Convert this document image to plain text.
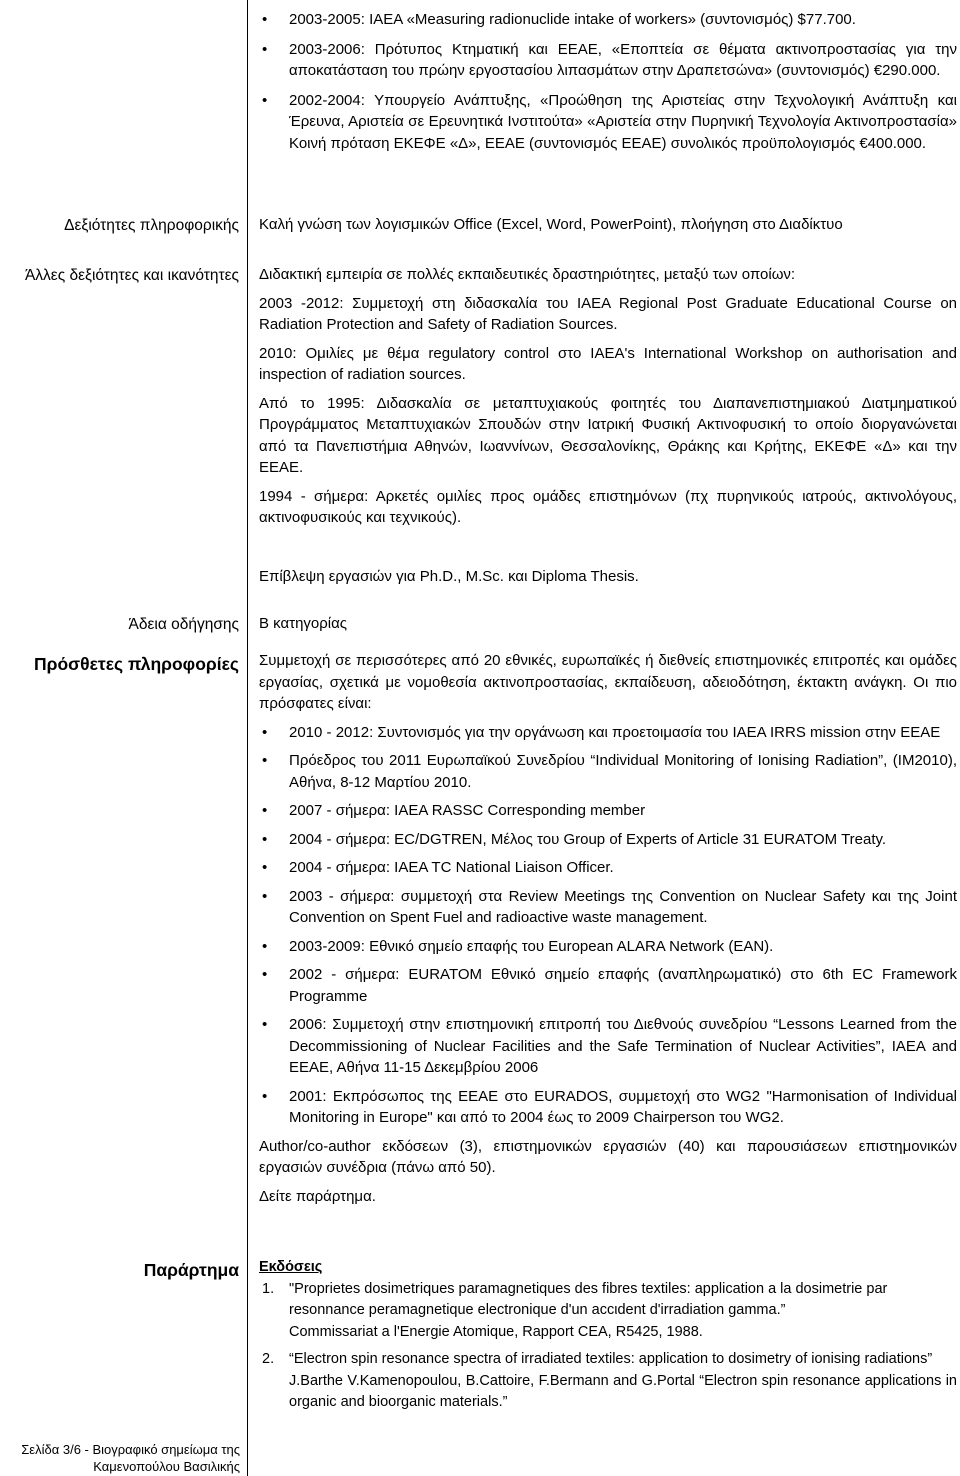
• 2003-2005: IAEA «Measuring radionuclide intake of workers» (συντονισμός) $77.700.
• 2003-2006: Πρότυπος Κτηματική και ΕΕΑΕ, «Εποπτεία σε θέματα ακτινοπροστασίας για την αποκατάσταση του πρώην εργοστασίου λιπασμάτων στην Δραπετσώνα» (συντονισμός) €290.000.
• 2002-2004: Υπουργείο Ανάπτυξης, «Προώθηση της Αριστείας στην Τεχνολογική Ανάπτυξη και Έρευνα, Αριστεία σε Ερευνητικά Ινστιτούτα» «Αριστεία στην Πυρηνική Τεχνολογία Ακτινοπροστασία» Κοινή πρόταση ΕΚΕΦΕ «Δ», ΕΕΑΕ (συντονισμός ΕΕΑΕ) συνολικός προϋπολογισμός €400.000.
Δεξιότητες πληροφορικής Καλή γνώση των λογισμικών Office (Excel, Word, PowerPoint), πλοήγηση στο Διαδίκτυο
Άλλες δεξιότητες και ικανότητες Διδακτική εμπειρία σε πολλές εκπαιδευτικές δραστηριότητες, μεταξύ των οποίων:

2003 -2012: Συμμετοχή στη διδασκαλία του IAEA Regional Post Graduate Educational Course on Radiation Protection and Safety of Radiation Sources.

2010: Ομιλίες με θέμα regulatory control στο IAEA's International Workshop on authorisation and inspection of radiation sources.

Από το 1995: Διδασκαλία σε μεταπτυχιακούς φοιτητές του Διαπανεπιστημιακού Διατμηματικού Προγράμματος Μεταπτυχιακών Σπουδών στην Ιατρική Φυσική Ακτινοφυσική το οποίο διοργανώνεται από τα Πανεπιστήμια Αθηνών, Ιωαννίνων, Θεσσαλονίκης, Θράκης και Κρήτης, ΕΚΕΦΕ «Δ» και την ΕΕΑΕ.

1994 - σήμερα: Αρκετές ομιλίες προς ομάδες επιστημόνων (πχ πυρηνικούς ιατρούς, ακτινολόγους, ακτινοφυσικούς και τεχνικούς).

Επίβλεψη εργασιών για Ph.D., M.Sc. και Diploma Thesis.
Άδεια οδήγησης Β κατηγορίας
Πρόσθετες πληροφορίες Συμμετοχή σε περισσότερες από 20 εθνικές, ευρωπαϊκές ή διεθνείς επιστημονικές επιτροπές και ομάδες εργασίας, σχετικά με νομοθεσία ακτινοπροστασίας, εκπαίδευση, αδειοδότηση, έκτακτη ανάγκη. Οι πιο πρόσφατες είναι:

• 2010 - 2012: Συντονισμός για την οργάνωση και προετοιμασία του IAEA IRRS mission στην ΕΕΑΕ
• Πρόεδρος του 2011 Ευρωπαϊκού Συνεδρίου “Individual Monitoring of Ionising Radiation”, (IM2010), Αθήνα, 8-12 Μαρτίου 2010.
• 2007 - σήμερα: IAEA RASSC Corresponding member
• 2004 - σήμερα: EC/DGTREN, Μέλος του Group of Experts of Article 31 EURATOM Treaty.
• 2004 - σήμερα: IAEA TC National Liaison Officer.
• 2003 - σήμερα: συμμετοχή στα Review Meetings της Convention on Nuclear Safety και της Joint Convention on Spent Fuel and radioactive waste management.
• 2003-2009: Εθνικό σημείο επαφής του European ALARA Network (EAN).
• 2002 - σήμερα: EURATOM Εθνικό σημείο επαφής (αναπληρωματικό) στο 6th EC Framework Programme
• 2006: Συμμετοχή στην επιστημονική επιτροπή του Διεθνούς συνεδρίου “Lessons Learned from the Decommissioning of Nuclear Facilities and the Safe Termination of Nuclear Activities”, IAEA and ΕΕΑΕ, Αθήνα 11-15 Δεκεμβρίου 2006
• 2001: Εκπρόσωπος της ΕΕΑΕ στο EURADOS, συμμετοχή στο WG2 "Harmonisation of Individual Monitoring in Europe" και από το 2004 έως το 2009 Chairperson του WG2.

Author/co-author εκδόσεων (3), επιστημονικών εργασιών (40) και παρουσιάσεων επιστημονικών εργασιών συνέδρια (πάνω από 50).

Δείτε παράρτημα.

Παράρτημα Εκδόσεις

1. "Proprietes dosimetriques paramagnetiques des fibres textiles: application a la dosimetrie par resonnance peramagnetique electronique d'un accιdent d'irradiation gamma.”
Commissariat a l'Energie Atomique, Rapport CEA, R5425, 1988.
2. “Electron spin resonance spectra of irradiated textiles: application to dosimetry of ionising radiations”
J.Barthe V.Kamenopoulou, B.Cattoire, F.Bermann and G.Portal “Electron spin resonance applications in organic and bioorganic materials.”
Σελίδα 3/6 - Βιογραφικό σημείωμα της
Καμενοπούλου Βασιλικής
